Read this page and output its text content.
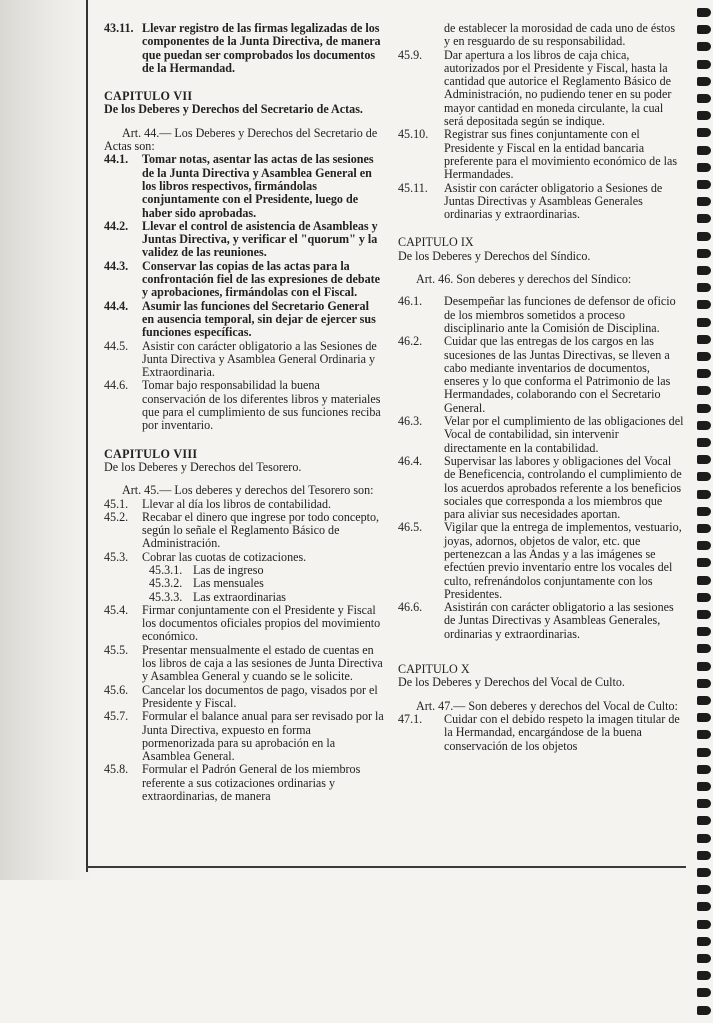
43.11. Llevar registro de las firmas legalizadas de los componentes de la Junta Directiva, de manera que puedan ser comprobados los documentos de la Hermandad.
CAPITULO VII
De los Deberes y Derechos del Secretario de Actas.

Art. 44.— Los Deberes y Derechos del Secretario de Actas son:

44.1.	Tomar notas, asentar las actas de las sesiones de la Junta Directiva y Asamblea General en los libros respectivos, firmándolas conjuntamente con el Presidente, luego de haber sido aprobadas.
44.2.	Llevar el control de asistencia de Asambleas y Juntas Directiva, y verificar el "quorum" y la validez de las reuniones.
44.3.	Conservar las copias de las actas para la confrontación fiel de las expresiones de debate y aprobaciones, firmándolas con el Fiscal.
44.4.	Asumir las funciones del Secretario General en ausencia temporal, sin dejar de ejercer sus funciones específicas.
44.5.	Asistir con carácter obligatorio a las Sesiones de Junta Directiva y Asamblea General Ordinaria y Extraordinaria.
44.6.	Tomar bajo responsabilidad la buena conservación de los diferentes libros y materiales que para el cumplimiento de sus funciones reciba por inventario.
CAPITULO VIII
De los Deberes y Derechos del Tesorero.

Art. 45.— Los deberes y derechos del Tesorero son:

45.1.	Llevar al día los libros de contabilidad.
45.2.	Recabar el dinero que ingrese por todo concepto, según lo señale el Reglamento Básico de Administración.
45.3.	Cobrar las cuotas de cotizaciones.
45.3.1. Las de ingreso
45.3.2. Las mensuales
45.3.3. Las extraordinarias
45.4.	Firmar conjuntamente con el Presidente y Fiscal los documentos oficiales propios del movimiento económico.
45.5.	Presentar mensualmente el estado de cuentas en los libros de caja a las sesiones de Junta Directiva y Asamblea General y cuando se le solicite.
45.6.	Cancelar los documentos de pago, visados por el Presidente y Fiscal.
45.7.	Formular el balance anual para ser revisado por la Junta Directiva, expuesto en forma pormenorizada para su aprobación en la Asamblea General.
45.8.	Formular el Padrón General de los miembros referente a sus cotizaciones ordinarias y extraordinarias, de manera
de establecer la morosidad de cada uno de éstos y en resguardo de su responsabilidad.
45.9.	Dar apertura a los libros de caja chica, autorizados por el Presidente y Fiscal, hasta la cantidad que autorice el Reglamento Básico de Administración, no pudiendo tener en su poder mayor cantidad en moneda circulante, la cual será depositada según se indique.
45.10.	Registrar sus fines conjuntamente con el Presidente y Fiscal en la entidad bancaria preferente para el movimiento económico de las Hermandades.
45.11.	Asistir con carácter obligatorio a Sesiones de Juntas Directivas y Asambleas Generales ordinarias y extraordinarias.
CAPITULO IX
De los Deberes y Derechos del Síndico.

Art. 46. Son deberes y derechos del Síndico:

46.1.	Desempeñar las funciones de defensor de oficio de los miembros sometidos a proceso disciplinario ante la Comisión de Disciplina.
46.2.	Cuidar que las entregas de los cargos en las sucesiones de las Juntas Directivas, se lleven a cabo mediante inventarios de documentos, enseres y lo que conforma el Patrimonio de las Hermandades, colaborando con el Secretario General.
46.3.	Velar por el cumplimiento de las obligaciones del Vocal de contabilidad, sin intervenir directamente en la contabilidad.
46.4.	Supervisar las labores y obligaciones del Vocal de Beneficencia, controlando el cumplimiento de los acuerdos aprobados referente a los beneficios sociales que corresponda a los miembros que para aliviar sus necesidades aportan.
46.5.	Vigilar que la entrega de implementos, vestuario, joyas, adornos, objetos de valor, etc. que pertenezcan a las Andas y a las imágenes se efectúen previo inventario entre los vocales del culto, refrenándolos conjuntamente con los Presidentes.
46.6.	Asistirán con carácter obligatorio a las sesiones de Juntas Directivas y Asambleas Generales, ordinarias y extraordinarias.
CAPITULO X
De los Deberes y Derechos del Vocal de Culto.

Art. 47.— Son deberes y derechos del Vocal de Culto:

47.1.	Cuidar con el debido respeto la imagen titular de la Hermandad, encargándose de la buena conservación de los objetos
